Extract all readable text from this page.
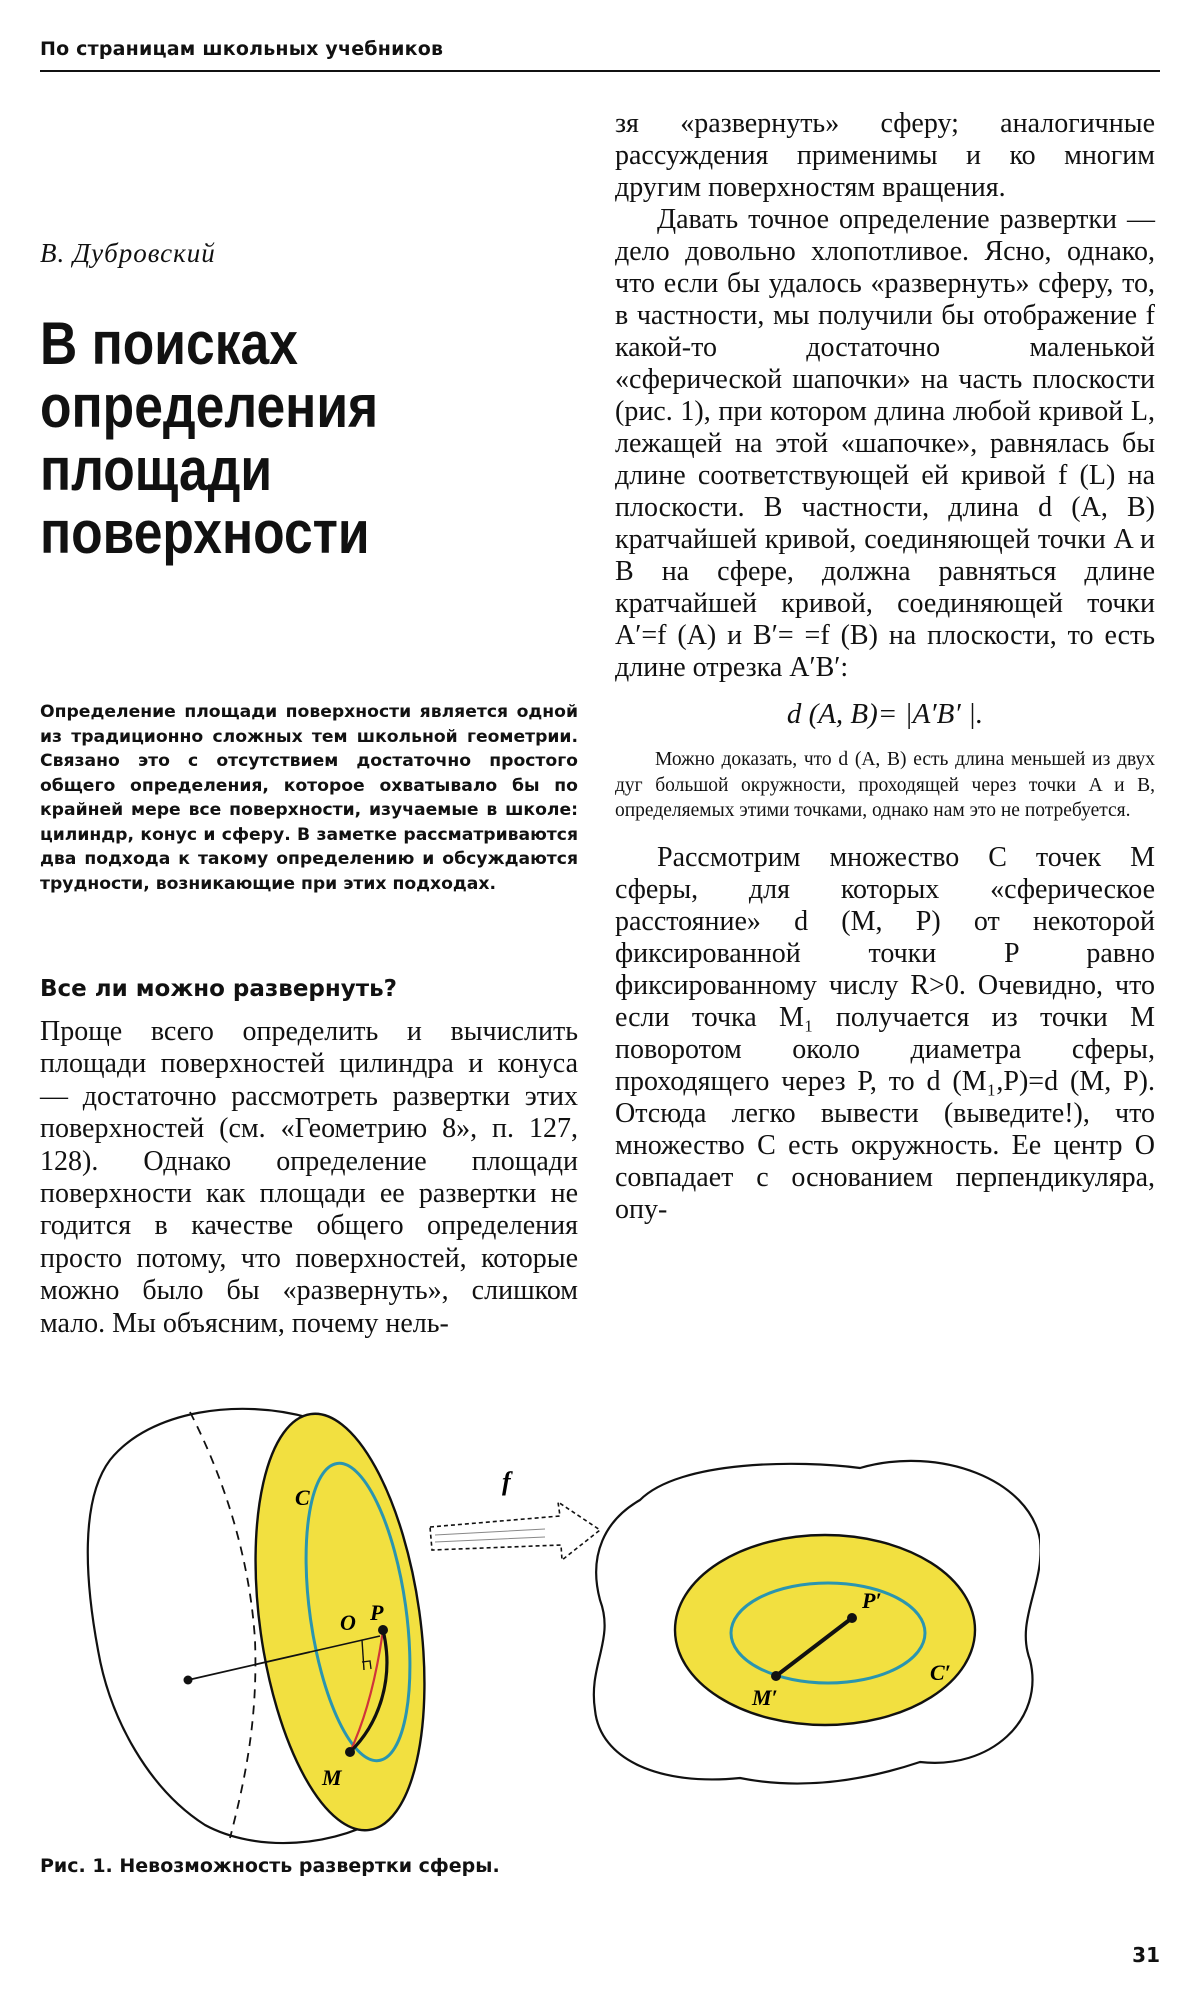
По страницам школьных учебников
В. Дубровский
В поисках
определения
площади
поверхности

Определение площади поверхности является одной из традиционно сложных тем школьной геометрии. Связано это с отсутствием достаточно простого общего определения, которое охватывало бы по крайней мере все поверхности, изучаемые в школе: цилиндр, конус и сферу. В заметке рассматриваются два подхода к такому определению и обсуждаются трудности, возникающие при этих подходах.

Все ли можно развернуть?

Проще всего определить и вычислить площади поверхностей цилиндра и конуса — достаточно рассмотреть развертки этих поверхностей (см. «Геометрию 8», п. 127, 128). Однако определение площади поверхности как площади ее развертки не годится в качестве общего определения просто потому, что поверхностей, которые можно было бы «развернуть», слишком мало. Мы объясним, почему нель-

зя «развернуть» сферу; аналогичные рассуждения применимы и ко многим другим поверхностям вращения.

Давать точное определение развертки — дело довольно хлопотливое. Ясно, однако, что если бы удалось «развернуть» сферу, то, в частности, мы получили бы отображение f какой-то достаточно маленькой «сферической шапочки» на часть плоскости (рис. 1), при котором длина любой кривой L, лежащей на этой «шапочке», равнялась бы длине соответствующей ей кривой f (L) на плоскости. В частности, длина d (A, B) кратчайшей кривой, соединяющей точки A и B на сфере, должна равняться длине кратчайшей кривой, соединяющей точки A′=f (A) и B′= =f (B) на плоскости, то есть длине отрезка A′B′:

d (A, B)= |A′B′ |.

Можно доказать, что d (A, B) есть длина меньшей из двух дуг большой окружности, проходящей через точки A и B, определяемых этими точками, однако нам это не потребуется.

Рассмотрим множество C точек M сферы, для которых «сферическое расстояние» d (M, P) от некоторой фиксированной точки P равно фиксированному числу R>0. Очевидно, что если точка M₁ получается из точки M поворотом около диаметра сферы, проходящего через P, то d (M₁,P)=d (M, P). Отсюда легко вывести (выведите!), что множество C есть окружность. Ее центр O совпадает с основанием перпендикуляра, опу-

C
O P
M
f
P′
C′
M′
Рис. 1. Невозможность развертки сферы.
31
